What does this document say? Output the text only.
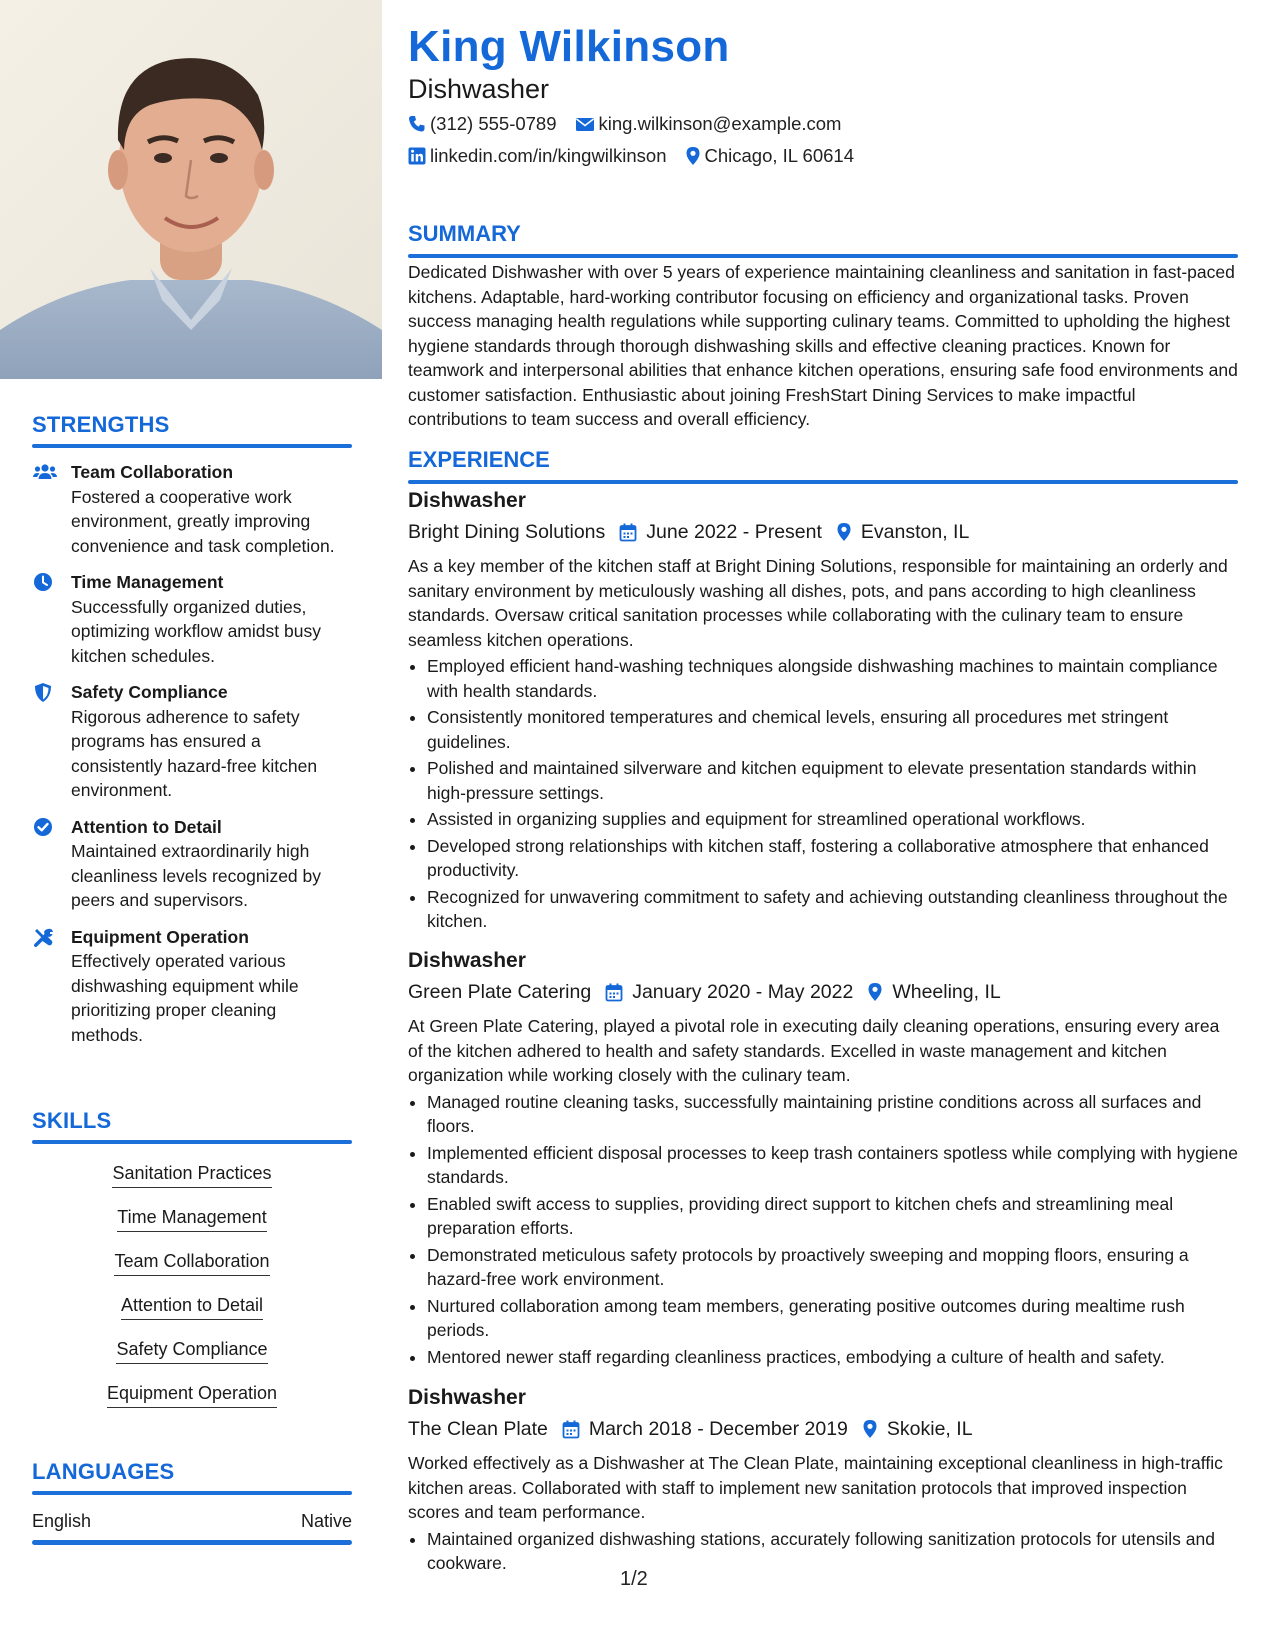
STRENGTHS
Team Collaboration
Fostered a cooperative work environment, greatly improving convenience and task completion.
Time Management
Successfully organized duties, optimizing workflow amidst busy kitchen schedules.
Safety Compliance
Rigorous adherence to safety programs has ensured a consistently hazard-free kitchen environment.
Attention to Detail
Maintained extraordinarily high cleanliness levels recognized by peers and supervisors.
Equipment Operation
Effectively operated various dishwashing equipment while prioritizing proper cleaning methods.
SKILLS
Sanitation Practices
Time Management
Team Collaboration
Attention to Detail
Safety Compliance
Equipment Operation
LANGUAGES
English	Native
King Wilkinson
Dishwasher
(312) 555-0789 king.wilkinson@example.com
linkedin.com/in/kingwilkinson Chicago, IL 60614
SUMMARY
Dedicated Dishwasher with over 5 years of experience maintaining cleanliness and sanitation in fast-paced kitchens. Adaptable, hard-working contributor focusing on efficiency and organizational tasks. Proven success managing health regulations while supporting culinary teams. Committed to upholding the highest hygiene standards through thorough dishwashing skills and effective cleaning practices. Known for teamwork and interpersonal abilities that enhance kitchen operations, ensuring safe food environments and customer satisfaction. Enthusiastic about joining FreshStart Dining Services to make impactful contributions to team success and overall efficiency.
EXPERIENCE
Dishwasher
Bright Dining Solutions June 2022 - Present Evanston, IL
As a key member of the kitchen staff at Bright Dining Solutions, responsible for maintaining an orderly and sanitary environment by meticulously washing all dishes, pots, and pans according to high cleanliness standards. Oversaw critical sanitation processes while collaborating with the culinary team to ensure seamless kitchen operations.
• Employed efficient hand-washing techniques alongside dishwashing machines to maintain compliance with health standards.
• Consistently monitored temperatures and chemical levels, ensuring all procedures met stringent guidelines.
• Polished and maintained silverware and kitchen equipment to elevate presentation standards within high-pressure settings.
• Assisted in organizing supplies and equipment for streamlined operational workflows.
• Developed strong relationships with kitchen staff, fostering a collaborative atmosphere that enhanced productivity.
• Recognized for unwavering commitment to safety and achieving outstanding cleanliness throughout the kitchen.
Dishwasher
Green Plate Catering January 2020 - May 2022 Wheeling, IL
At Green Plate Catering, played a pivotal role in executing daily cleaning operations, ensuring every area of the kitchen adhered to health and safety standards. Excelled in waste management and kitchen organization while working closely with the culinary team.
• Managed routine cleaning tasks, successfully maintaining pristine conditions across all surfaces and floors.
• Implemented efficient disposal processes to keep trash containers spotless while complying with hygiene standards.
• Enabled swift access to supplies, providing direct support to kitchen chefs and streamlining meal preparation efforts.
• Demonstrated meticulous safety protocols by proactively sweeping and mopping floors, ensuring a hazard-free work environment.
• Nurtured collaboration among team members, generating positive outcomes during mealtime rush periods.
• Mentored newer staff regarding cleanliness practices, embodying a culture of health and safety.
Dishwasher
The Clean Plate March 2018 - December 2019 Skokie, IL
Worked effectively as a Dishwasher at The Clean Plate, maintaining exceptional cleanliness in high-traffic kitchen areas. Collaborated with staff to implement new sanitation protocols that improved inspection scores and team performance.
• Maintained organized dishwashing stations, accurately following sanitization protocols for utensils and cookware.
1/2
